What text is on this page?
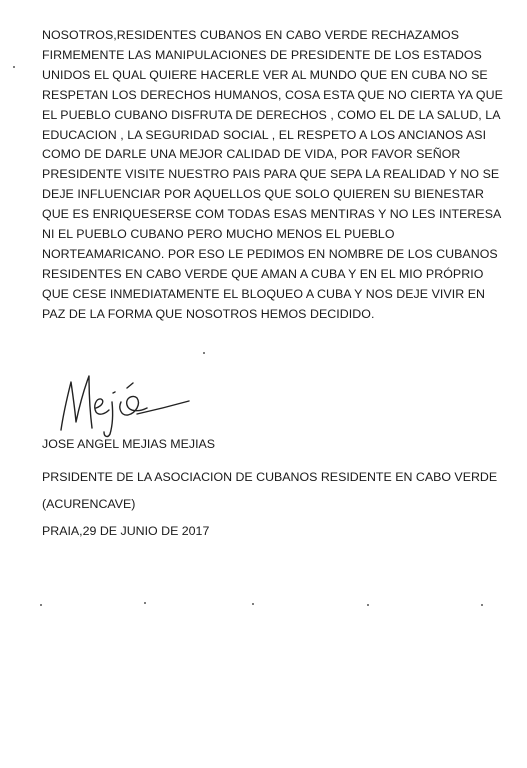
NOSOTROS,RESIDENTES CUBANOS EN CABO VERDE RECHAZAMOS
FIRMEMENTE LAS MANIPULACIONES DE PRESIDENTE DE LOS ESTADOS
UNIDOS EL QUAL QUIERE HACERLE VER AL MUNDO QUE EN CUBA NO SE
RESPETAN LOS DERECHOS HUMANOS, COSA ESTA QUE NO CIERTA YA QUE
EL PUEBLO CUBANO DISFRUTA DE DERECHOS , COMO EL DE LA SALUD, LA
EDUCACION , LA SEGURIDAD SOCIAL , EL RESPETO A LOS ANCIANOS ASI
COMO DE DARLE UNA MEJOR CALIDAD DE VIDA, POR FAVOR SEÑOR
PRESIDENTE VISITE NUESTRO PAIS PARA QUE SEPA LA REALIDAD Y NO SE
DEJE INFLUENCIAR POR AQUELLOS QUE SOLO QUIEREN SU BIENESTAR
QUE ES ENRIQUESERSE COM TODAS ESAS MENTIRAS Y NO LES INTERESA
NI EL PUEBLO CUBANO PERO MUCHO MENOS EL PUEBLO
NORTEAMARICANO. POR ESO LE PEDIMOS EN NOMBRE DE LOS CUBANOS
RESIDENTES EN CABO VERDE QUE AMAN A CUBA Y EN EL MIO PRÓPRIO
QUE CESE INMEDIATAMENTE EL BLOQUEO A CUBA Y NOS DEJE VIVIR EN
PAZ DE LA FORMA QUE NOSOTROS HEMOS DECIDIDO.
JOSE ANGEL MEJIAS MEJIAS
PRSIDENTE DE LA ASOCIACION DE CUBANOS RESIDENTE EN CABO VERDE
(ACURENCAVE)
PRAIA,29 DE JUNIO DE 2017
